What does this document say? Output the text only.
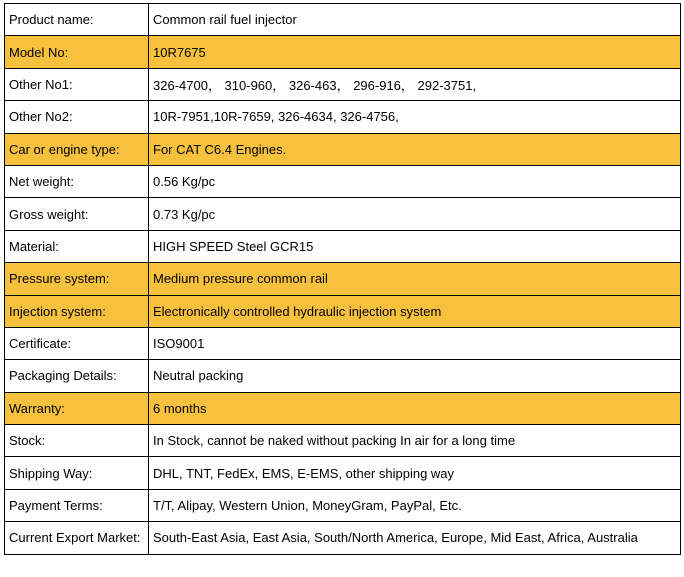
Product name:	Common rail fuel injector
Model No:	10R7675
Other No1:	326-4700， 310-960， 326-463， 296-916， 292-3751,
Other No2:	10R-7951,10R-7659, 326-4634, 326-4756,
Car or engine type:	For CAT C6.4 Engines.
Net weight:	0.56 Kg/pc
Gross weight:	0.73 Kg/pc
Material:	HIGH SPEED Steel GCR15
Pressure system:	Medium pressure common rail
Injection system:	Electronically controlled hydraulic injection system
Certificate:	ISO9001
Packaging Details:	Neutral packing
Warranty:	6 months
Stock:	In Stock, cannot be naked without packing In air for a long time
Shipping Way:	DHL, TNT, FedEx, EMS, E-EMS, other shipping way
Payment Terms:	T/T, Alipay, Western Union, MoneyGram, PayPal, Etc.
Current Export Market:	South-East Asia, East Asia, South/North America, Europe, Mid East, Africa, Australia
